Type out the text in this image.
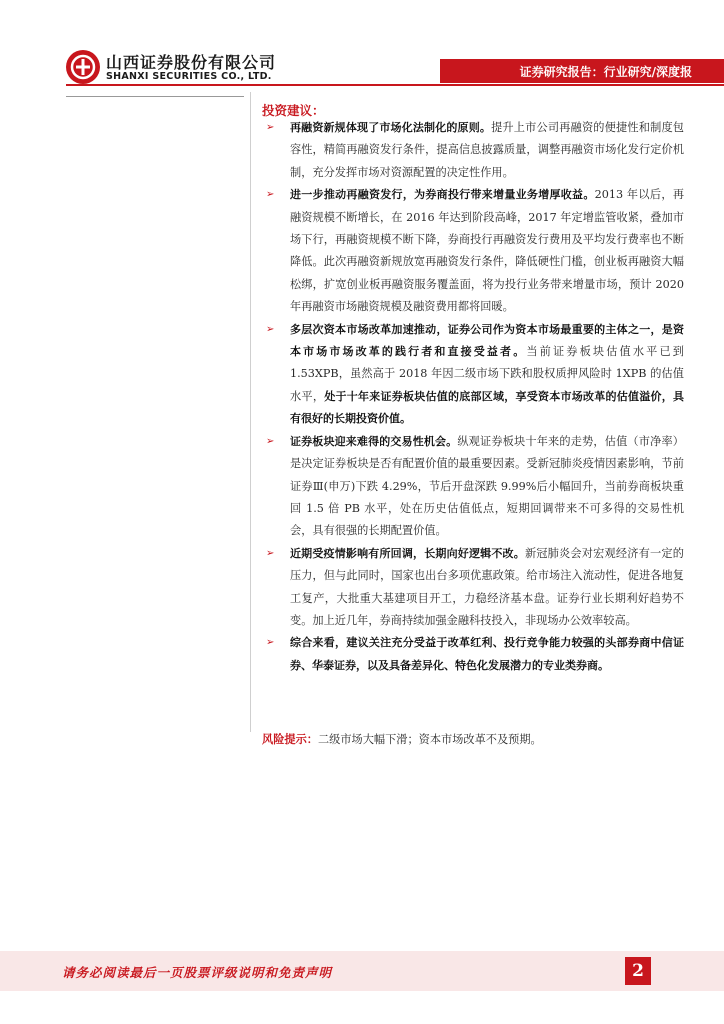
山西证券股份有限公司
SHANXI SECURITIES CO., LTD.	证券研究报告：行业研究/深度报
投资建议：
➢ 再融资新规体现了市场化法制化的原则。提升上市公司再融资的便捷性和制度包容性，精简再融资发行条件，提高信息披露质量，调整再融资市场化发行定价机制，充分发挥市场对资源配置的决定性作用。
➢ 进一步推动再融资发行，为券商投行带来增量业务增厚收益。2013 年以后，再融资规模不断增长，在 2016 年达到阶段高峰，2017 年定增监管收紧，叠加市场下行，再融资规模不断下降，券商投行再融资发行费用及平均发行费率也不断降低。此次再融资新规放宽再融资发行条件，降低硬性门槛，创业板再融资大幅松绑，扩宽创业板再融资服务覆盖面，将为投行业务带来增量市场，预计 2020 年再融资市场融资规模及融资费用都将回暖。
➢ 多层次资本市场改革加速推动，证券公司作为资本市场最重要的主体之一，是资本市场市场改革的践行者和直接受益者。当前证券板块估值水平已到 1.53XPB，虽然高于 2018 年因二级市场下跌和股权质押风险时 1XPB 的估值水平，处于十年来证券板块估值的底部区域，享受资本市场改革的估值溢价，具有很好的长期投资价值。
➢ 证券板块迎来难得的交易性机会。纵观证券板块十年来的走势，估值（市净率）是决定证券板块是否有配置价值的最重要因素。受新冠肺炎疫情因素影响，节前证券Ⅲ(申万)下跌 4.29%，节后开盘深跌 9.99%后小幅回升，当前券商板块重回 1.5 倍 PB 水平，处在历史估值低点，短期回调带来不可多得的交易性机会，具有很强的长期配置价值。
➢ 近期受疫情影响有所回调，长期向好逻辑不改。新冠肺炎会对宏观经济有一定的压力，但与此同时，国家也出台多项优惠政策。给市场注入流动性，促进各地复工复产，大批重大基建项目开工，力稳经济基本盘。证券行业长期利好趋势不变。加上近几年，券商持续加强金融科技投入，非现场办公效率较高。
➢ 综合来看，建议关注充分受益于改革红利、投行竞争能力较强的头部券商中信证券、华泰证券，以及具备差异化、特色化发展潜力的专业类券商。
风险提示：二级市场大幅下滑；资本市场改革不及预期。
请务必阅读最后一页股票评级说明和免责声明	2
